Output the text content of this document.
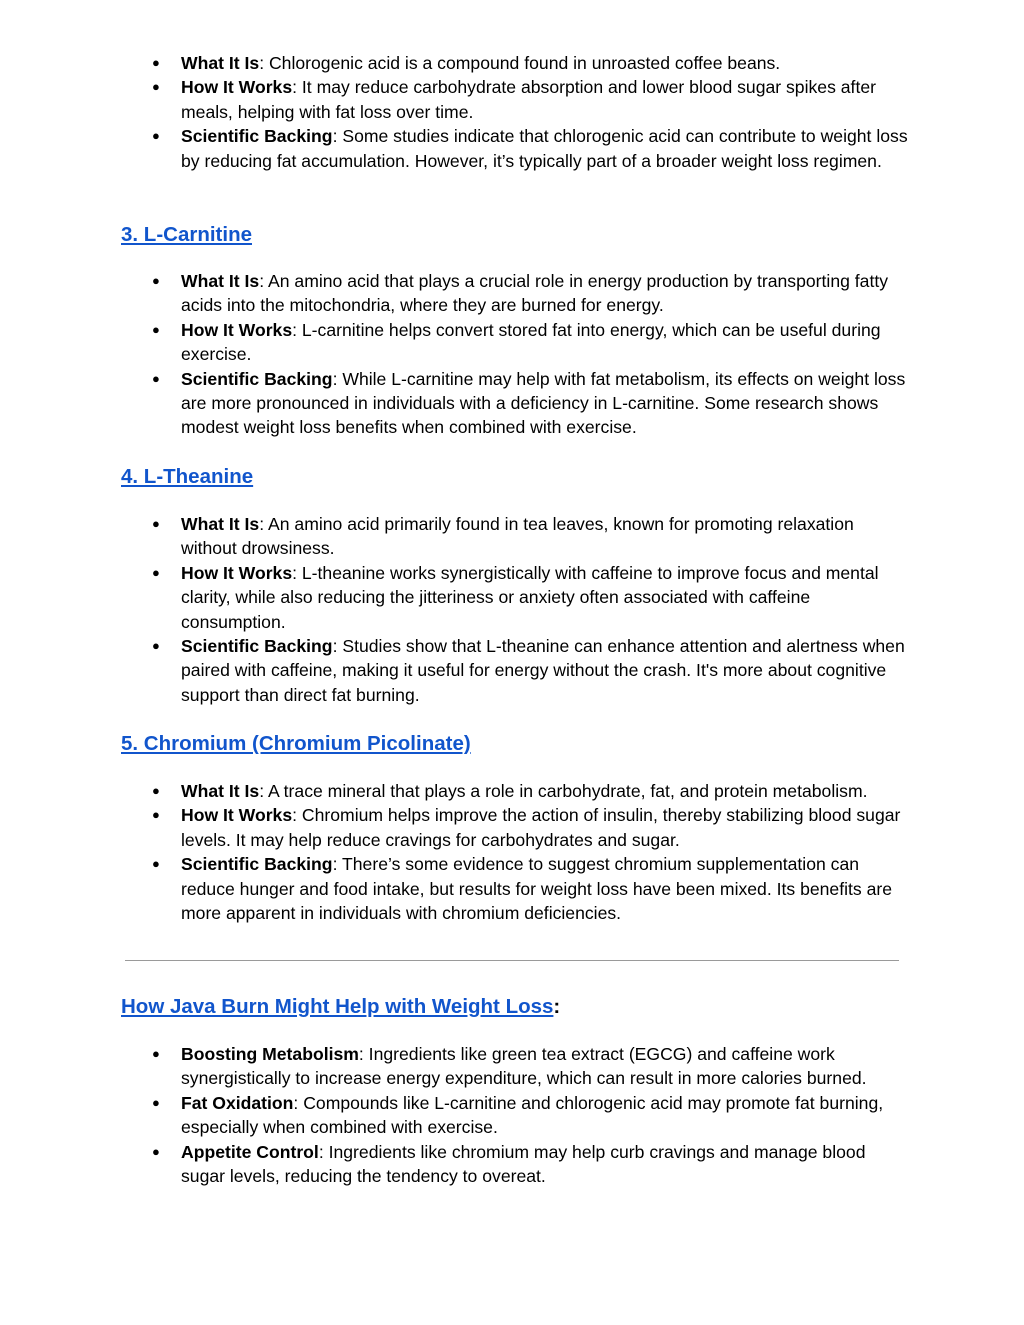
● What It Is: Chlorogenic acid is a compound found in unroasted coffee beans.
● How It Works: It may reduce carbohydrate absorption and lower blood sugar spikes after meals, helping with fat loss over time.
● Scientific Backing: Some studies indicate that chlorogenic acid can contribute to weight loss by reducing fat accumulation. However, it’s typically part of a broader weight loss regimen.
3. L-Carnitine
● What It Is: An amino acid that plays a crucial role in energy production by transporting fatty acids into the mitochondria, where they are burned for energy.
● How It Works: L-carnitine helps convert stored fat into energy, which can be useful during exercise.
● Scientific Backing: While L-carnitine may help with fat metabolism, its effects on weight loss are more pronounced in individuals with a deficiency in L-carnitine. Some research shows modest weight loss benefits when combined with exercise.
4. L-Theanine
● What It Is: An amino acid primarily found in tea leaves, known for promoting relaxation without drowsiness.
● How It Works: L-theanine works synergistically with caffeine to improve focus and mental clarity, while also reducing the jitteriness or anxiety often associated with caffeine consumption.
● Scientific Backing: Studies show that L-theanine can enhance attention and alertness when paired with caffeine, making it useful for energy without the crash. It's more about cognitive support than direct fat burning.
5. Chromium (Chromium Picolinate)
● What It Is: A trace mineral that plays a role in carbohydrate, fat, and protein metabolism.
● How It Works: Chromium helps improve the action of insulin, thereby stabilizing blood sugar levels. It may help reduce cravings for carbohydrates and sugar.
● Scientific Backing: There’s some evidence to suggest chromium supplementation can reduce hunger and food intake, but results for weight loss have been mixed. Its benefits are more apparent in individuals with chromium deficiencies.
How Java Burn Might Help with Weight Loss:
● Boosting Metabolism: Ingredients like green tea extract (EGCG) and caffeine work synergistically to increase energy expenditure, which can result in more calories burned.
● Fat Oxidation: Compounds like L-carnitine and chlorogenic acid may promote fat burning, especially when combined with exercise.
● Appetite Control: Ingredients like chromium may help curb cravings and manage blood sugar levels, reducing the tendency to overeat.
